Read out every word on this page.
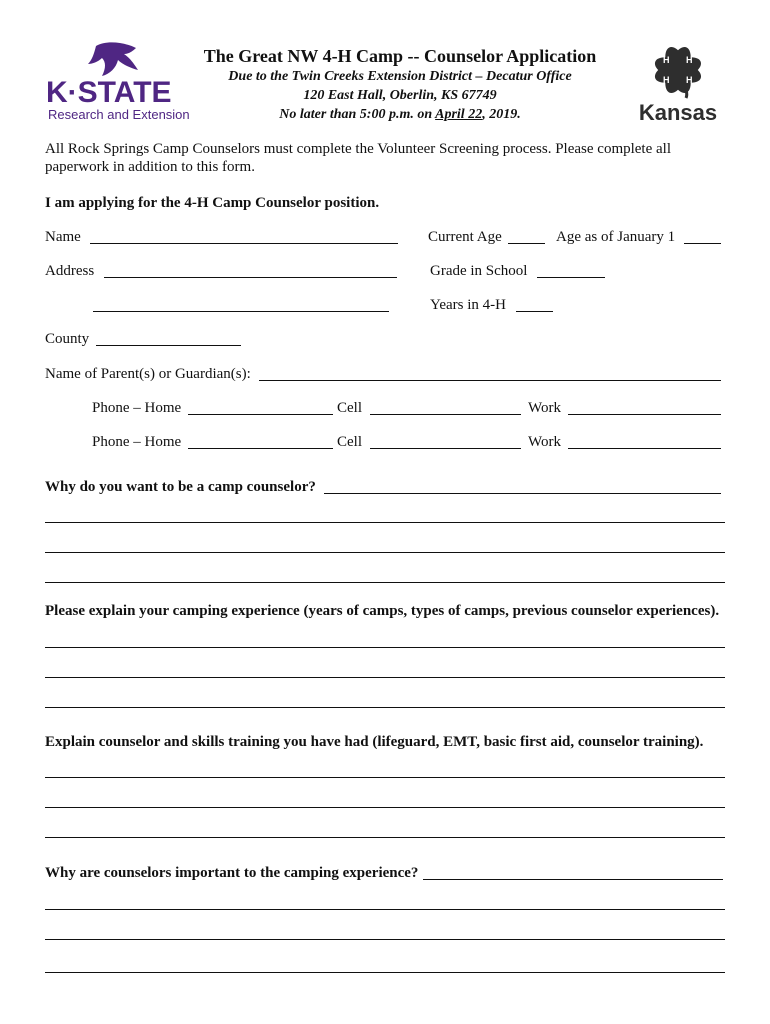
K·STATE
Research and Extension
H H
H H
Kansas
The Great NW 4-H Camp -- Counselor Application
Due to the Twin Creeks Extension District – Decatur Office
120 East Hall, Oberlin, KS 67749
No later than 5:00 p.m. on April 22, 2019.
All Rock Springs Camp Counselors must complete the Volunteer Screening process. Please complete all paperwork in addition to this form.
I am applying for the 4-H Camp Counselor position.
Name	Current Age	Age as of January 1
Address	Grade in School
Years in 4-H
County
Name of Parent(s) or Guardian(s):
Phone – Home	Cell	Work
Phone – Home	Cell	Work
Why do you want to be a camp counselor?
Please explain your camping experience (years of camps, types of camps, previous counselor experiences).
Explain counselor and skills training you have had (lifeguard, EMT, basic first aid, counselor training).
Why are counselors important to the camping experience?
